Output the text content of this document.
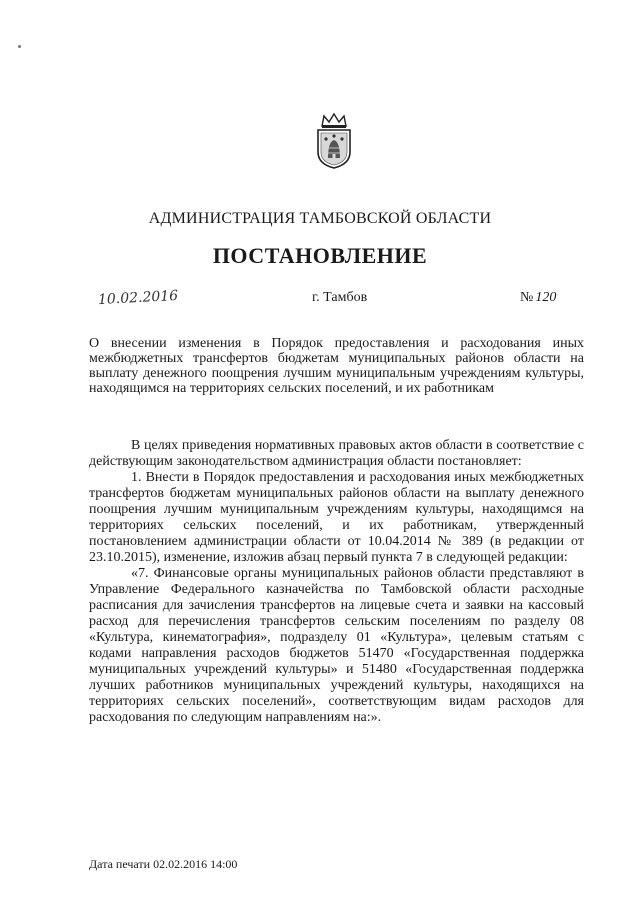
АДМИНИСТРАЦИЯ ТАМБОВСКОЙ ОБЛАСТИ
ПОСТАНОВЛЕНИЕ
10.02.2016	г. Тамбов	№ 120
О внесении изменения в Порядок предоставления и расходования иных межбюджетных трансфертов бюджетам муниципальных районов области на выплату денежного поощрения лучшим муниципальным учреждениям культуры, находящимся на территориях сельских поселений, и их работникам

В целях приведения нормативных правовых актов области в соответствие с действующим законодательством администрация области постановляет:

1. Внести в Порядок предоставления и расходования иных межбюджетных трансфертов бюджетам муниципальных районов области на выплату денежного поощрения лучшим муниципальным учреждениям культуры, находящимся на территориях сельских поселений, и их работникам, утвержденный постановлением администрации области от 10.04.2014 № 389 (в редакции от 23.10.2015), изменение, изложив абзац первый пункта 7 в следующей редакции:

«7. Финансовые органы муниципальных районов области представляют в Управление Федерального казначейства по Тамбовской области расходные расписания для зачисления трансфертов на лицевые счета и заявки на кассовый расход для перечисления трансфертов сельским поселениям по разделу 08 «Культура, кинематография», подразделу 01 «Культура», целевым статьям с кодами направления расходов бюджетов 51470 «Государственная поддержка муниципальных учреждений культуры» и 51480 «Государственная поддержка лучших работников муниципальных учреждений культуры, находящихся на территориях сельских поселений», соответствующим видам расходов для расходования по следующим направлениям на:».

Дата печати 02.02.2016 14:00
